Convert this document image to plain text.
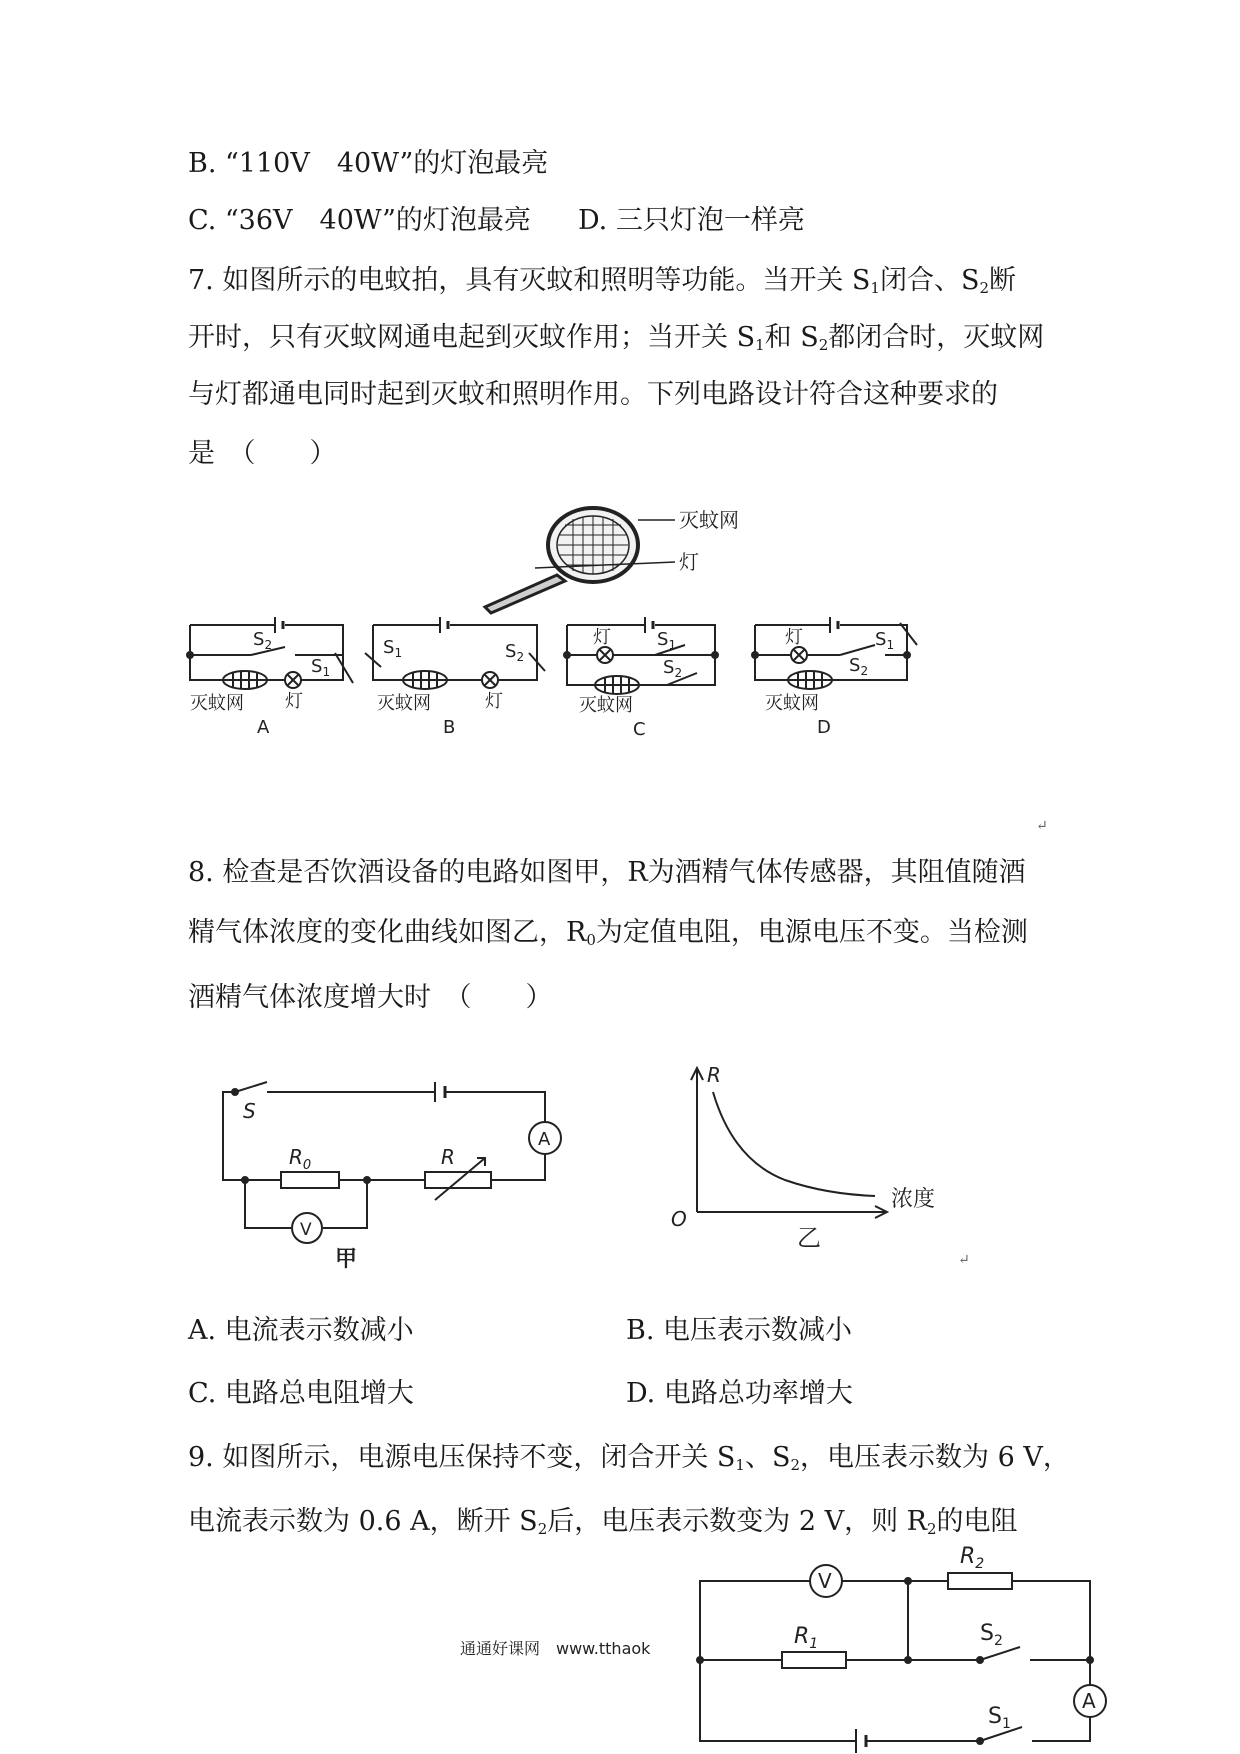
B. “110V　40W”的灯泡最亮
C. “36V　40W”的灯泡最亮 D. 三只灯泡一样亮
7. 如图所示的电蚊拍，具有灭蚊和照明等功能。当开关 $S_1$闭合、$S_2$断
开时，只有灭蚊网通电起到灭蚊作用；当开关 $S_1$和 $S_2$都闭合时，灭蚊网
与灯都通电同时起到灭蚊和照明作用。下列电路设计符合这种要求的
是　（　　）
灭蚊网
灯
$S_2$
$S_1$
灭蚊网 灯
A
$S_1$	$S_2$
灭蚊网	灯
B
灯	$S_1$
$S_2$
灭蚊网
C
灯	$S_1$
$S_2$
灭蚊网
D
↵
8. 检查是否饮酒设备的电路如图甲，R为酒精气体传感器，其阻值随酒
精气体浓度的变化曲线如图乙，$R_0$为定值电阻，电源电压不变。当检测
酒精气体浓度增大时　（　　）
S
$R_0$	R
A
V
甲
R
浓度
O
乙
↵
A. 电流表示数减小	B. 电压表示数减小
C. 电路总电阻增大	D. 电路总功率增大
9. 如图所示，电源电压保持不变，闭合开关 $S_1$、$S_2$，电压表示数为 6 V，
电流表示数为 0.6 A，断开 $S_2$后，电压表示数变为 2 V，则 $R_2$的电阻
通通好课网　www.tthaok
V
A
$R_2$
$R_1$	$S_2$
$S_1$
